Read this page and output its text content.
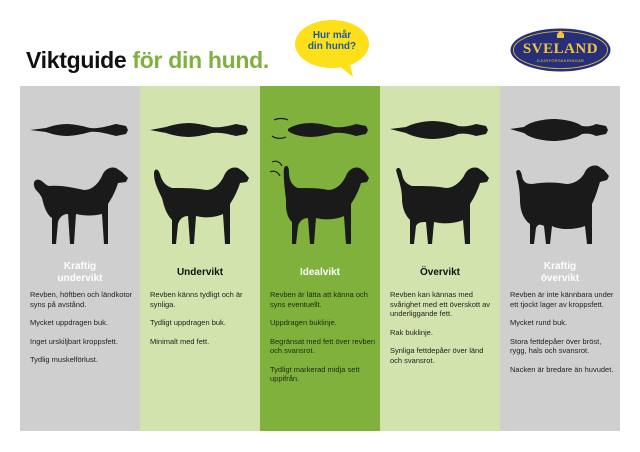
Viktguide för din hund.
Hur mår
din hund?	SVELAND
DJURFÖRSÄKRINGAR
Kraftig
undervikt

Revben, höftben och ländkotor syns på avstånd.

Mycket uppdragen buk.

Inget urskiljbart kroppsfett.

Tydlig muskelförlust.

Undervikt

Revben känns tydligt och är synliga.

Tydligt uppdragen buk.

Minimalt med fett.

Idealvikt

Revben är lätta att känna och syns eventuellt.

Uppdragen buklinje.

Begränsat med fett över revben och svansrot.

Tydligt markerad midja sett uppifrån.

Övervikt

Revben kan kännas med svårighet med ett överskott av underliggande fett.

Rak buklinje.

Synliga fettdepåer över länd och svansrot.

Kraftig
övervikt

Revben är inte kännbara under ett tjockt lager av kroppsfett.

Mycket rund buk.

Stora fettdepåer över bröst, rygg, hals och svansrot.

Nacken är bredare än huvudet.
